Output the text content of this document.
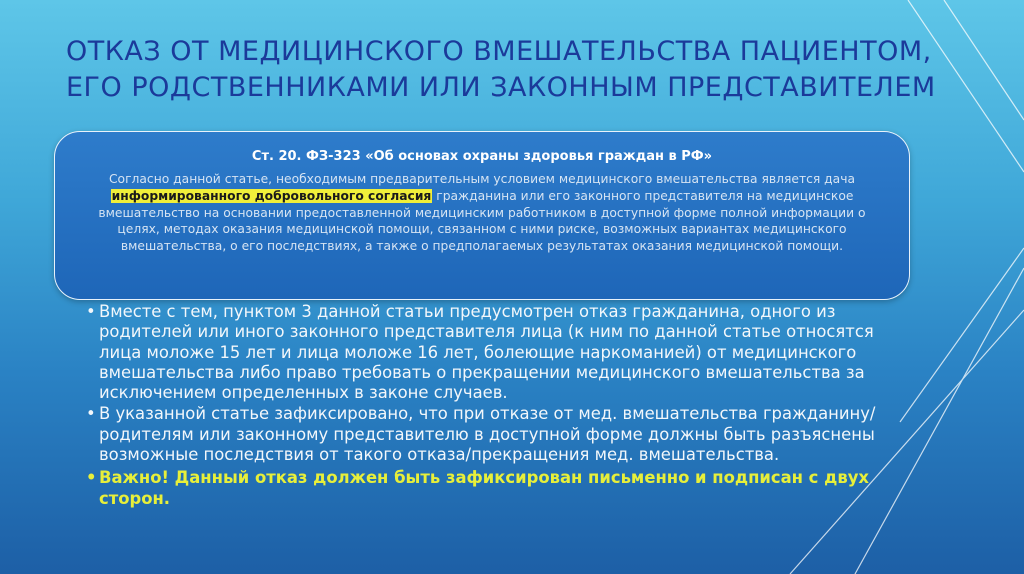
ОТКАЗ ОТ МЕДИЦИНСКОГО ВМЕШАТЕЛЬСТВА ПАЦИЕНТОМ,
ЕГО РОДСТВЕННИКАМИ ИЛИ ЗАКОННЫМ ПРЕДСТАВИТЕЛЕМ
Ст. 20. ФЗ-323 «Об основах охраны здоровья граждан в РФ»
Согласно данной статье, необходимым предварительным условием медицинского вмешательства является дача информированного добровольного согласия гражданина или его законного представителя на медицинское вмешательство на основании предоставленной медицинским работником в доступной форме полной информации о целях, методах оказания медицинской помощи, связанном с ними риске, возможных вариантах медицинского вмешательства, о его последствиях, а также о предполагаемых результатах оказания медицинской помощи.
• Вместе с тем, пунктом 3 данной статьи предусмотрен отказ гражданина, одного из родителей или иного законного представителя лица (к ним по данной статье относятся лица моложе 15 лет и лица моложе 16 лет, болеющие наркоманией) от медицинского вмешательства либо право требовать о прекращении медицинского вмешательства за исключением определенных в законе случаев.
• В указанной статье зафиксировано, что при отказе от мед. вмешательства гражданину/родителям или законному представителю в доступной форме должны быть разъяснены возможные последствия от такого отказа/прекращения мед. вмешательства.
• Важно! Данный отказ должен быть зафиксирован письменно и подписан с двух сторон.
